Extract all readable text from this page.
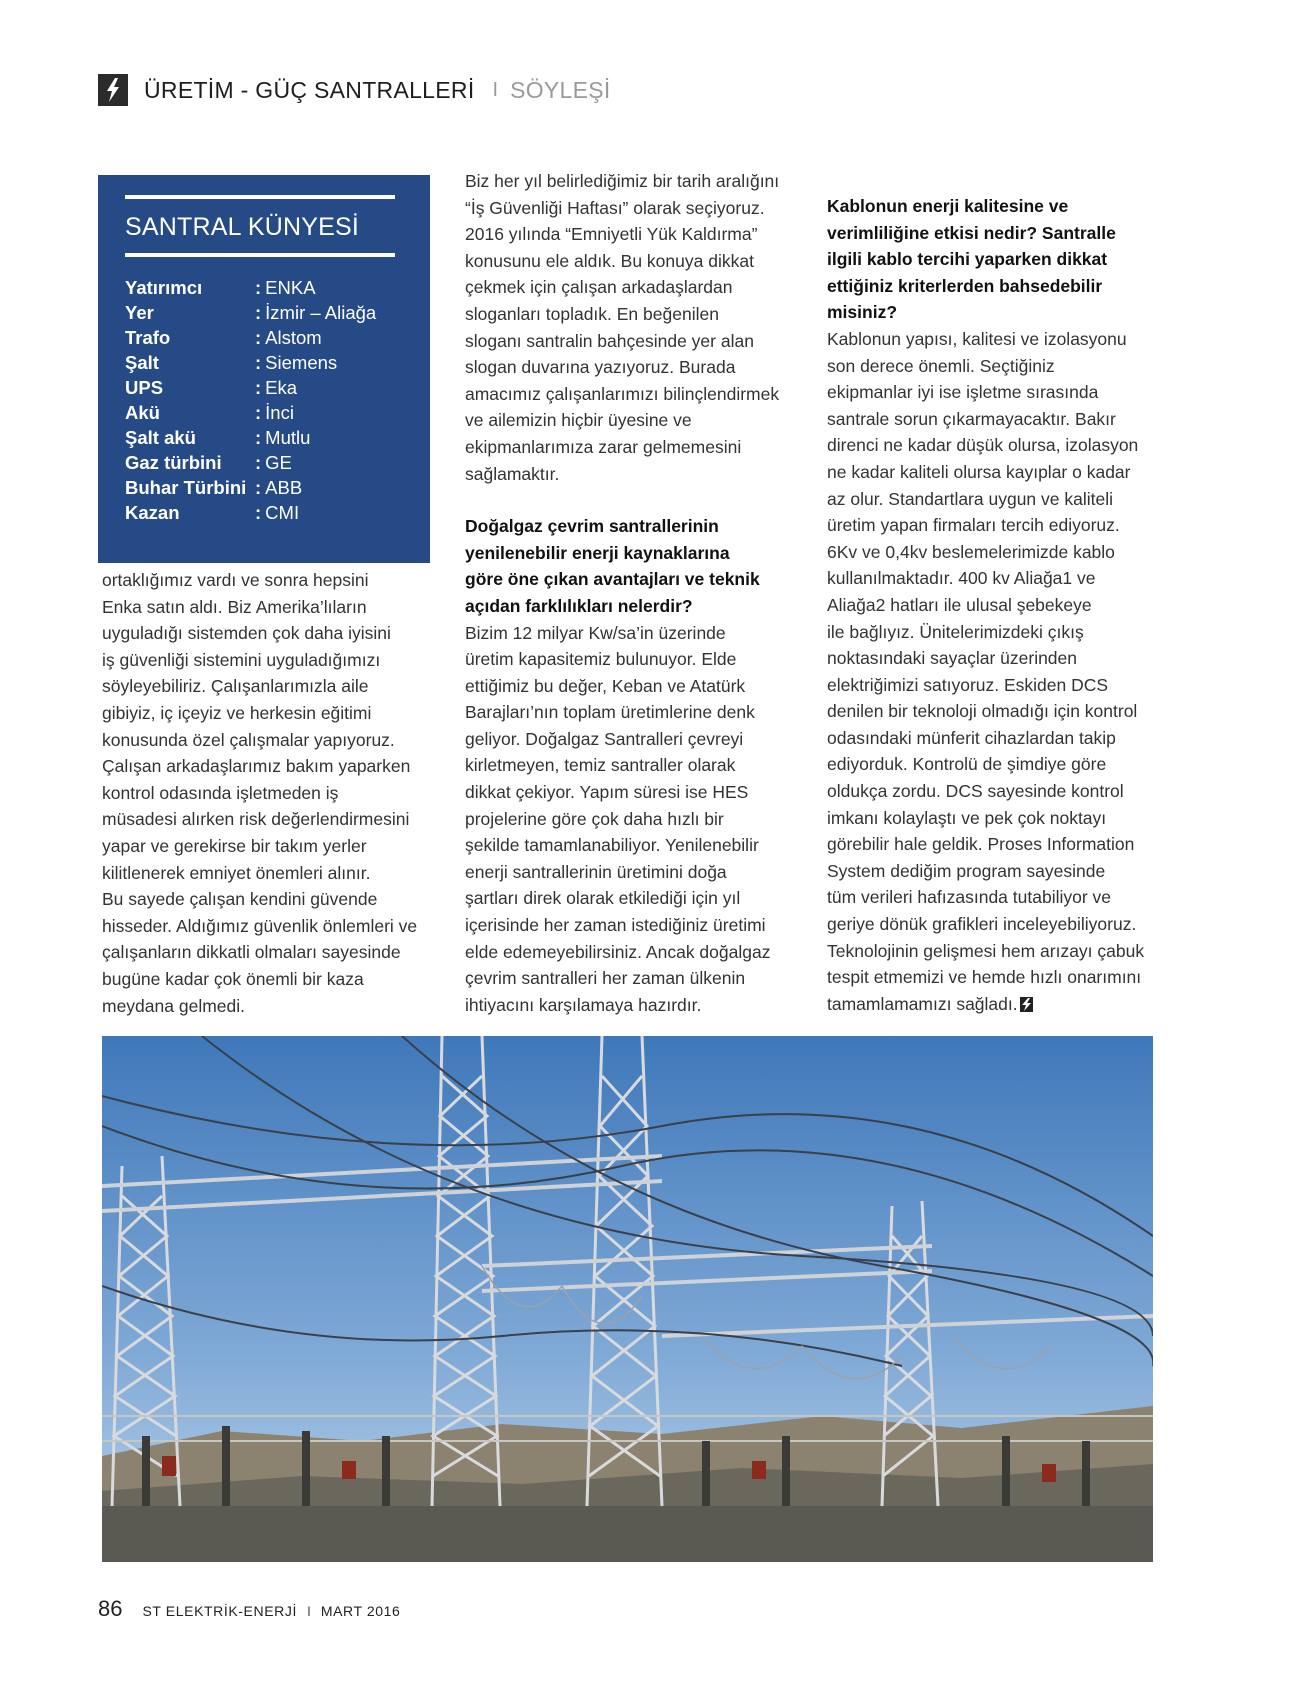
ÜRETİM - GÜÇ SANTRALLERİ I SÖYLEŞİ
SANTRAL KÜNYESİ
Yatırımcı	:	ENKA
Yer	:	İzmir – Aliağa
Trafo	:	Alstom
Şalt	:	Siemens
UPS	:	Eka
Akü	:	İnci
Şalt akü	:	Mutlu
Gaz türbini	:	GE
Buhar Türbini	:	ABB
Kazan	:	CMI

ortaklığımız vardı ve sonra hepsini
Enka satın aldı. Biz Amerika’lıların
uyguladığı sistemden çok daha iyisini
iş güvenliği sistemini uyguladığımızı
söyleyebiliriz. Çalışanlarımızla aile
gibiyiz, iç içeyiz ve herkesin eğitimi
konusunda özel çalışmalar yapıyoruz.
Çalışan arkadaşlarımız bakım yaparken
kontrol odasında işletmeden iş
müsadesi alırken risk değerlendirmesini
yapar ve gerekirse bir takım yerler
kilitlenerek emniyet önemleri alınır.
Bu sayede çalışan kendini güvende
hisseder. Aldığımız güvenlik önlemleri ve
çalışanların dikkatli olmaları sayesinde
bugüne kadar çok önemli bir kaza
meydana gelmedi.

Biz her yıl belirlediğimiz bir tarih aralığını
“İş Güvenliği Haftası” olarak seçiyoruz.
2016 yılında “Emniyetli Yük Kaldırma”
konusunu ele aldık. Bu konuya dikkat
çekmek için çalışan arkadaşlardan
sloganları topladık. En beğenilen
sloganı santralin bahçesinde yer alan
slogan duvarına yazıyoruz. Burada
amacımız çalışanlarımızı bilinçlendirmek
ve ailemizin hiçbir üyesine ve
ekipmanlarımıza zarar gelmemesini
sağlamaktır.

Doğalgaz çevrim santrallerinin
yenilenebilir enerji kaynaklarına
göre öne çıkan avantajları ve teknik
açıdan farklılıkları nelerdir?

Bizim 12 milyar Kw/sa’in üzerinde
üretim kapasitemiz bulunuyor. Elde
ettiğimiz bu değer, Keban ve Atatürk
Barajları’nın toplam üretimlerine denk
geliyor. Doğalgaz Santralleri çevreyi
kirletmeyen, temiz santraller olarak
dikkat çekiyor. Yapım süresi ise HES
projelerine göre çok daha hızlı bir
şekilde tamamlanabiliyor. Yenilenebilir
enerji santrallerinin üretimini doğa
şartları direk olarak etkilediği için yıl
içerisinde her zaman istediğiniz üretimi
elde edemeyebilirsiniz. Ancak doğalgaz
çevrim santralleri her zaman ülkenin
ihtiyacını karşılamaya hazırdır.

Kablonun enerji kalitesine ve
verimliliğine etkisi nedir? Santralle
ilgili kablo tercihi yaparken dikkat
ettiğiniz kriterlerden bahsedebilir
misiniz?

Kablonun yapısı, kalitesi ve izolasyonu
son derece önemli. Seçtiğiniz
ekipmanlar iyi ise işletme sırasında
santrale sorun çıkarmayacaktır. Bakır
direnci ne kadar düşük olursa, izolasyon
ne kadar kaliteli olursa kayıplar o kadar
az olur. Standartlara uygun ve kaliteli
üretim yapan firmaları tercih ediyoruz.
6Kv ve 0,4kv beslemelerimizde kablo
kullanılmaktadır. 400 kv Aliağa1 ve
Aliağa2 hatları ile ulusal şebekeye
ile bağlıyız. Ünitelerimizdeki çıkış
noktasındaki sayaçlar üzerinden
elektriğimizi satıyoruz. Eskiden DCS
denilen bir teknoloji olmadığı için kontrol
odasındaki münferit cihazlardan takip
ediyorduk. Kontrolü de şimdiye göre
oldukça zordu. DCS sayesinde kontrol
imkanı kolaylaştı ve pek çok noktayı
görebilir hale geldik. Proses Information
System dediğim program sayesinde
tüm verileri hafızasında tutabiliyor ve
geriye dönük grafikleri inceleyebiliyoruz.
Teknolojinin gelişmesi hem arızayı çabuk
tespit etmemizi ve hemde hızlı onarımını
tamamlamamızı sağladı.

86 ST ELEKTRİK-ENERJİ I MART 2016
